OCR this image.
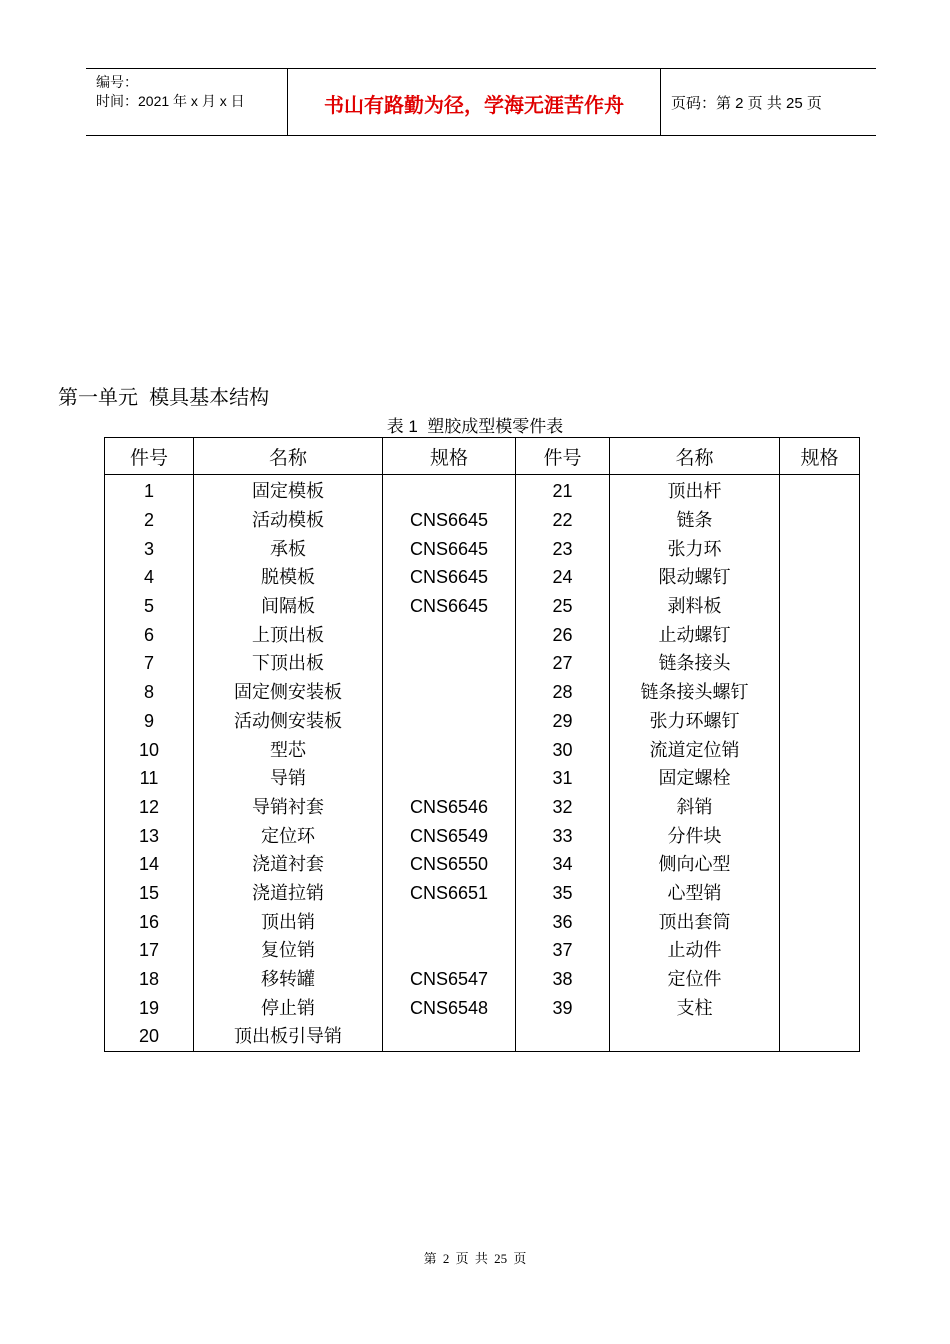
编号：
时间：2021 年 x 月 x 日	书山有路勤为径，学海无涯苦作舟	页码：第 2 页 共 25 页
第一单元  模具基本结构
表 1  塑胶成型模零件表
件号	名称	规格	件号	名称	规格
1	固定模板		21	顶出杆	
2	活动模板	CNS6645	22	链条	
3	承板	CNS6645	23	张力环	
4	脱模板	CNS6645	24	限动螺钉	
5	间隔板	CNS6645	25	剥料板	
6	上顶出板		26	止动螺钉	
7	下顶出板		27	链条接头	
8	固定侧安装板		28	链条接头螺钉	
9	活动侧安装板		29	张力环螺钉	
10	型芯		30	流道定位销	
11	导销		31	固定螺栓	
12	导销衬套	CNS6546	32	斜销	
13	定位环	CNS6549	33	分件块	
14	浇道衬套	CNS6550	34	侧向心型	
15	浇道拉销	CNS6651	35	心型销	
16	顶出销		36	顶出套筒	
17	复位销		37	止动件	
18	移转罐	CNS6547	38	定位件	
19	停止销	CNS6548	39	支柱	
20	顶出板引导销				
第 2 页 共 25 页
